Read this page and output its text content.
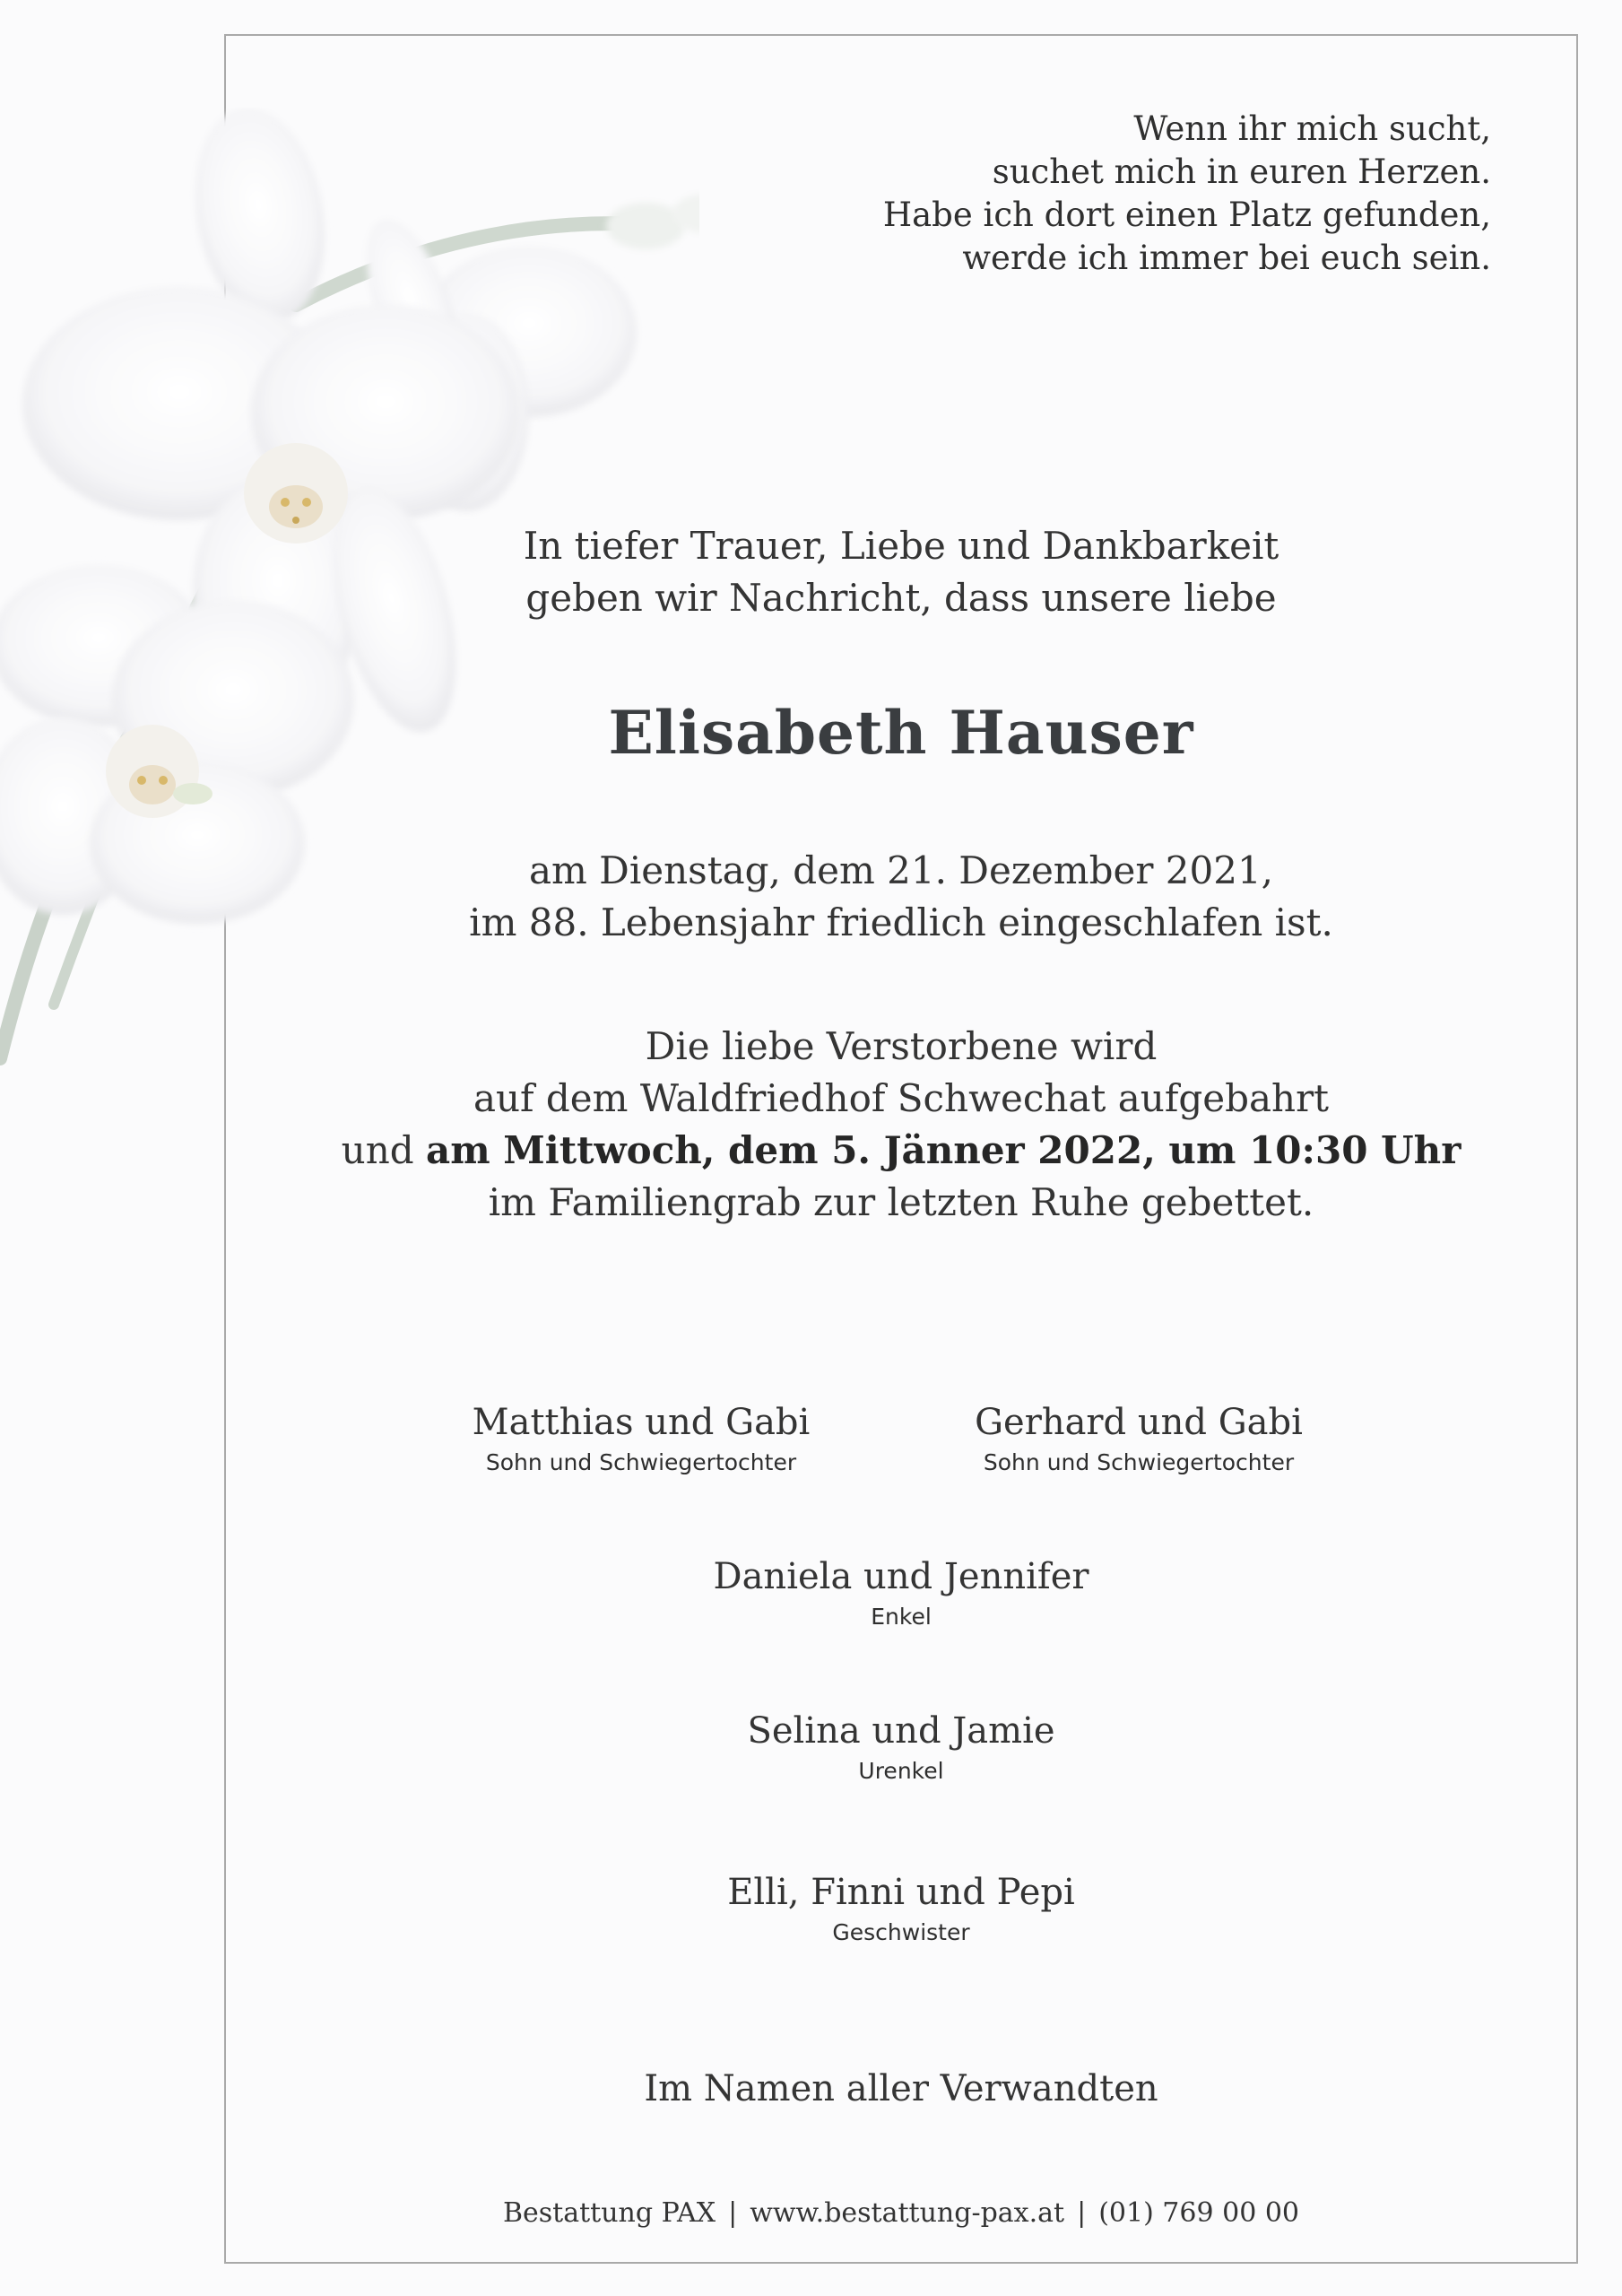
Wenn ihr mich sucht,
suchet mich in euren Herzen.
Habe ich dort einen Platz gefunden,
werde ich immer bei euch sein.
In tiefer Trauer, Liebe und Dankbarkeit
geben wir Nachricht, dass unsere liebe
Elisabeth Hauser
am Dienstag, dem 21. Dezember 2021,
im 88. Lebensjahr friedlich eingeschlafen ist.
Die liebe Verstorbene wird
auf dem Waldfriedhof Schwechat aufgebahrt
und am Mittwoch, dem 5. Jänner 2022, um 10:30 Uhr
im Familiengrab zur letzten Ruhe gebettet.
Matthias und Gabi
Sohn und Schwiegertochter
Gerhard und Gabi
Sohn und Schwiegertochter
Daniela und Jennifer
Enkel
Selina und Jamie
Urenkel
Elli, Finni und Pepi
Geschwister
Im Namen aller Verwandten
Bestattung PAX | www.bestattung-pax.at | (01) 769 00 00
